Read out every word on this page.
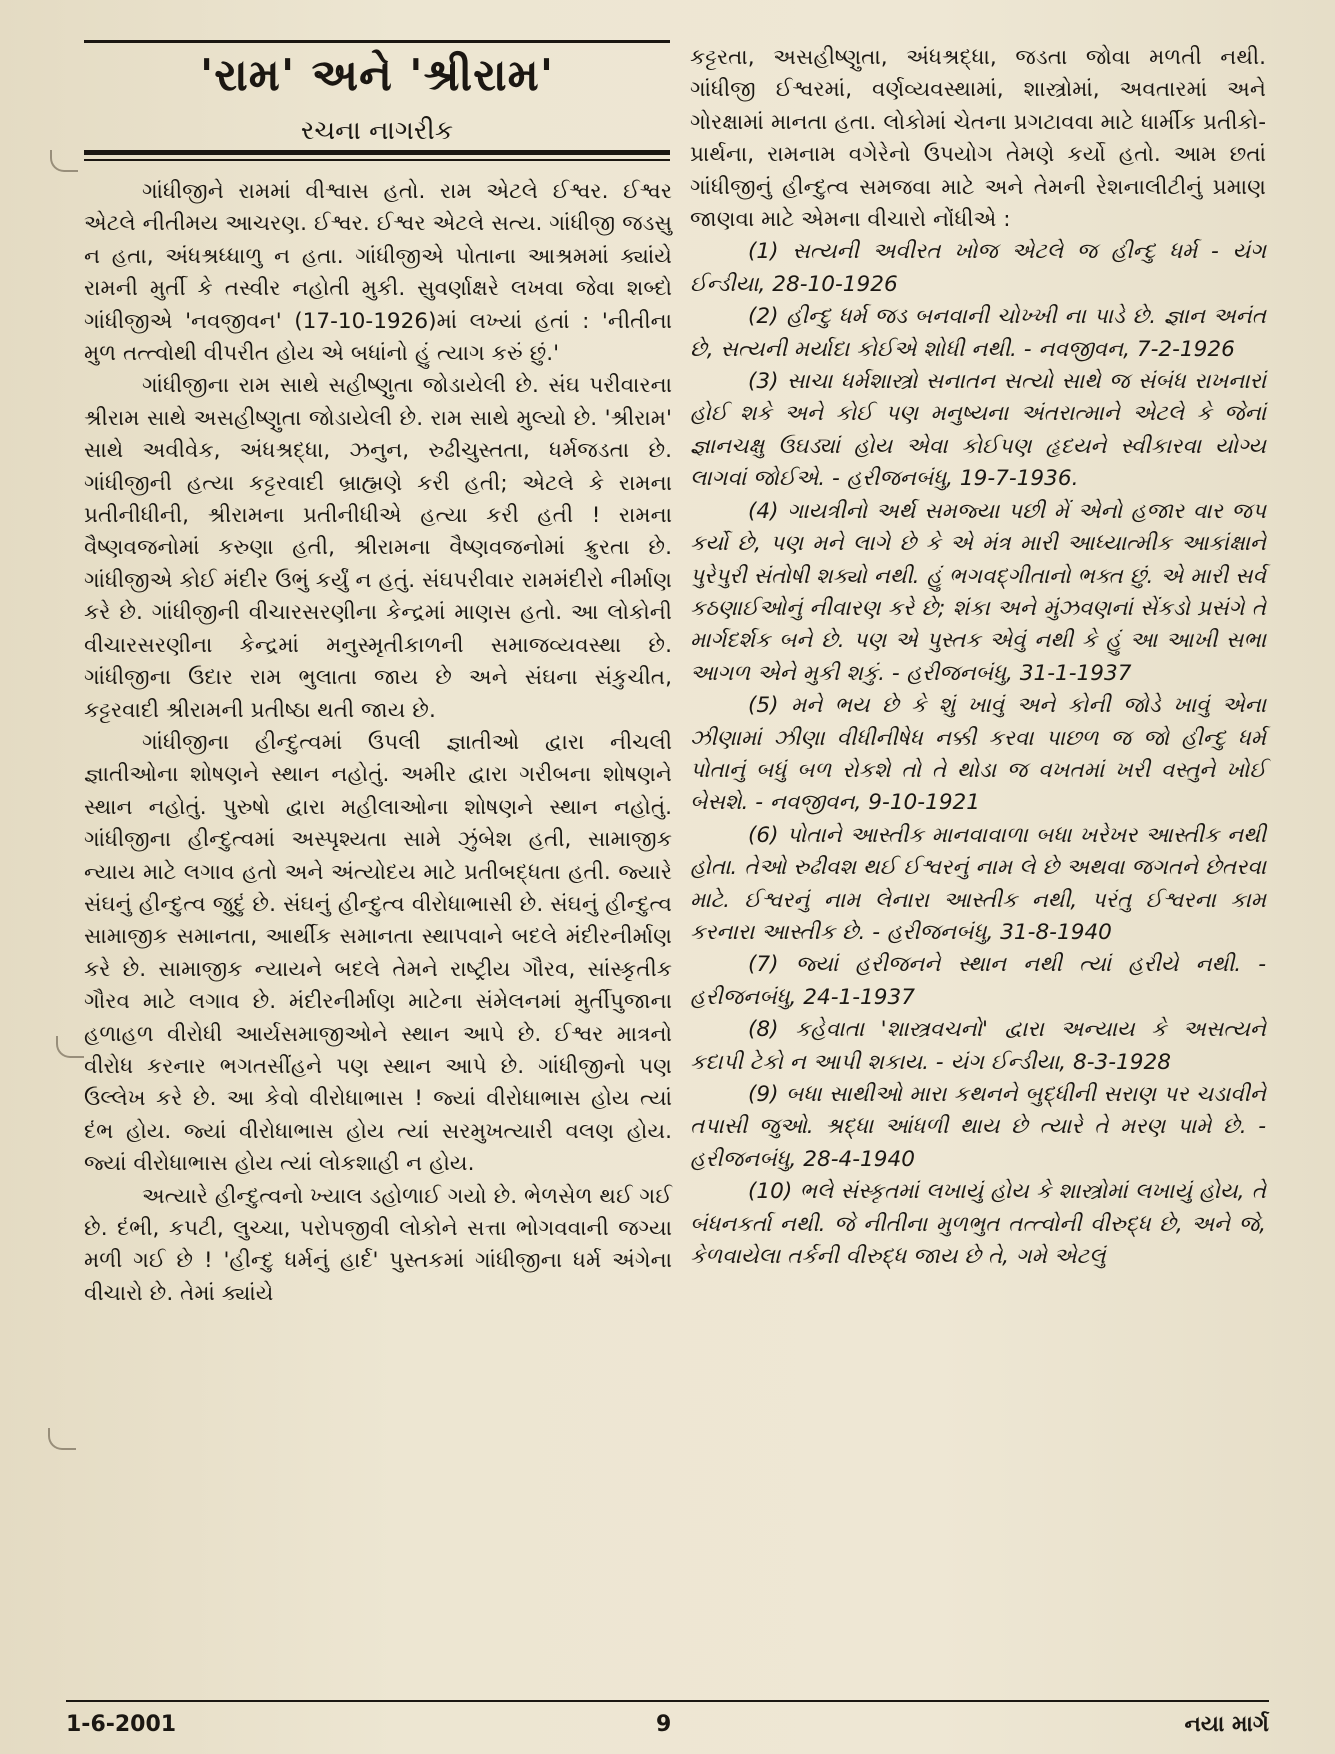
'રામ' અને 'શ્રીરામ'
રચના નાગરીક

ગાંધીજીને રામમાં વીશ્વાસ હતો. રામ એટલે ઈશ્વર. ઈશ્વર એટલે નીતીમય આચરણ. ઈશ્વર. ઈશ્વર એટલે સત્ય. ગાંધીજી જડસુ ન હતા, અંધશ્રધ્ધાળુ ન હતા. ગાંધીજીએ પોતાના આશ્રમમાં ક્યાંયે રામની મુર્તી કે તસ્વીર નહોતી મુકી. સુવર્ણાક્ષરે લખવા જેવા શબ્દો ગાંધીજીએ 'નવજીવન' (17-10-1926)માં લખ્યાં હતાં : 'નીતીના મુળ તત્ત્વોથી વીપરીત હોય એ બધાંનો હું ત્યાગ કરું છું.'

ગાંધીજીના રામ સાથે સહીષ્ણુતા જોડાયેલી છે. સંઘ પરીવારના શ્રીરામ સાથે અસહીષ્ણુતા જોડાયેલી છે. રામ સાથે મુલ્યો છે. 'શ્રીરામ' સાથે અવીવેક, અંધશ્રદ્ધા, ઝનુન, રુઢીચુસ્તતા, ધર્મજડતા છે. ગાંધીજીની હત્યા કટ્ટરવાદી બ્રાહ્મણે કરી હતી; એટલે કે રામના પ્રતીનીધીની, શ્રીરામના પ્રતીનીધીએ હત્યા કરી હતી ! રામના વૈષ્ણવજનોમાં કરુણા હતી, શ્રીરામના વૈષ્ણવજનોમાં ક્રુરતા છે. ગાંધીજીએ કોઈ મંદીર ઉભું કર્યું ન હતું. સંઘપરીવાર રામમંદીરો નીર્માણ કરે છે. ગાંધીજીની વીચારસરણીના કેન્દ્રમાં માણસ હતો. આ લોકોની વીચારસરણીના કેન્દ્રમાં મનુસ્મૃતીકાળની સમાજવ્યવસ્થા છે. ગાંધીજીના ઉદાર રામ ભુલાતા જાય છે અને સંઘના સંકુચીત, કટ્ટરવાદી શ્રીરામની પ્રતીષ્ઠા થતી જાય છે.

ગાંધીજીના હીન્દુત્વમાં ઉપલી જ્ઞાતીઓ દ્વારા નીચલી જ્ઞાતીઓના શોષણને સ્થાન નહોતું. અમીર દ્વારા ગરીબના શોષણને સ્થાન નહોતું. પુરુષો દ્વારા મહીલાઓના શોષણને સ્થાન નહોતું. ગાંધીજીના હીન્દુત્વમાં અસ્પૃશ્યતા સામે ઝુંબેશ હતી, સામાજીક ન્યાય માટે લગાવ હતો અને અંત્યોદય માટે પ્રતીબદ્ધતા હતી. જ્યારે સંઘનું હીન્દુત્વ જુદું છે. સંઘનું હીન્દુત્વ વીરોધાભાસી છે. સંઘનું હીન્દુત્વ સામાજીક સમાનતા, આર્થીક સમાનતા સ્થાપવાને બદલે મંદીરનીર્માણ કરે છે. સામાજીક ન્યાયને બદલે તેમને રાષ્ટ્રીય ગૌરવ, સાંસ્કૃતીક ગૌરવ માટે લગાવ છે. મંદીરનીર્માણ માટેના સંમેલનમાં મુર્તીપુજાના હળાહળ વીરોધી આર્યસમાજીઓને સ્થાન આપે છે. ઈશ્વર માત્રનો વીરોધ કરનાર ભગતસીંહને પણ સ્થાન આપે છે. ગાંધીજીનો પણ ઉલ્લેખ કરે છે. આ કેવો વીરોધાભાસ ! જ્યાં વીરોધાભાસ હોય ત્યાં દંભ હોય. જ્યાં વીરોધાભાસ હોય ત્યાં સરમુખત્યારી વલણ હોય. જ્યાં વીરોધાભાસ હોય ત્યાં લોકશાહી ન હોય.

અત્યારે હીન્દુત્વનો ખ્યાલ ડહોળાઈ ગયો છે. ભેળસેળ થઈ ગઈ છે. દંભી, કપટી, લુચ્ચા, પરોપજીવી લોકોને સત્તા ભોગવવાની જગ્યા મળી ગઈ છે ! 'હીન્દુ ધર્મનું હાર્દ' પુસ્તકમાં ગાંધીજીના ધર્મ અંગેના વીચારો છે. તેમાં ક્યાંયે

કટ્ટરતા, અસહીષ્ણુતા, અંધશ્રદ્ધા, જડતા જોવા મળતી નથી. ગાંધીજી ઈશ્વરમાં, વર્ણવ્યવસ્થામાં, શાસ્ત્રોમાં, અવતારમાં અને ગોરક્ષામાં માનતા હતા. લોકોમાં ચેતના પ્રગટાવવા માટે ધાર્મીક પ્રતીકો-પ્રાર્થના, રામનામ વગેરેનો ઉપયોગ તેમણે કર્યો હતો. આમ છતાં ગાંધીજીનું હીન્દુત્વ સમજવા માટે અને તેમની રેશનાલીટીનું પ્રમાણ જાણવા માટે એમના વીચારો નોંધીએ :

(1) સત્યની અવીરત ખોજ એટલે જ હીન્દુ ધર્મ - યંગ ઈન્ડીયા, 28-10-1926

(2) હીન્દુ ધર્મ જડ બનવાની ચોખ્ખી ના પાડે છે. જ્ઞાન અનંત છે, સત્યની મર્યાદા કોઈએ શોધી નથી. - નવજીવન, 7-2-1926

(3) સાચા ધર્મશાસ્ત્રો સનાતન સત્યો સાથે જ સંબંધ રાખનારાં હોઈ શકે અને કોઈ પણ મનુષ્યના અંતરાત્માને એટલે કે જેનાં જ્ઞાનચક્ષુ ઉઘડ્યાં હોય એવા કોઈપણ હૃદયને સ્વીકારવા યોગ્ય લાગવાં જોઈએ. - હરીજનબંધુ, 19-7-1936.

(4) ગાયત્રીનો અર્થ સમજ્યા પછી મેં એનો હજાર વાર જપ કર્યો છે, પણ મને લાગે છે કે એ મંત્ર મારી આધ્યાત્મીક આકાંક્ષાને પુરેપુરી સંતોષી શક્યો નથી. હું ભગવદ્ગીતાનો ભક્ત છું. એ મારી સર્વ કઠણાઈઓનું નીવારણ કરે છે; શંકા અને મુંઝવણનાં સેંકડો પ્રસંગે તે માર્ગદર્શક બને છે. પણ એ પુસ્તક એવું નથી કે હું આ આખી સભા આગળ એને મુકી શકું. - હરીજનબંધુ, 31-1-1937

(5) મને ભય છે કે શું ખાવું અને કોની જોડે ખાવું એના ઝીણામાં ઝીણા વીધીનીષેધ નક્કી કરવા પાછળ જ જો હીન્દુ ધર્મ પોતાનું બધું બળ રોકશે તો તે થોડા જ વખતમાં ખરી વસ્તુને ખોઈ બેસશે. - નવજીવન, 9-10-1921

(6) પોતાને આસ્તીક માનવાવાળા બધા ખરેખર આસ્તીક નથી હોતા. તેઓ રુઢીવશ થઈ ઈશ્વરનું નામ લે છે અથવા જગતને છેતરવા માટે. ઈશ્વરનું નામ લેનારા આસ્તીક નથી, પરંતુ ઈશ્વરના કામ કરનારા આસ્તીક છે. - હરીજનબંધુ, 31-8-1940

(7) જ્યાં હરીજનને સ્થાન નથી ત્યાં હરીયે નથી. - હરીજનબંધુ, 24-1-1937

(8) કહેવાતા 'શાસ્ત્રવચનો' દ્વારા અન્યાય કે અસત્યને કદાપી ટેકો ન આપી શકાય. - યંગ ઈન્ડીયા, 8-3-1928

(9) બધા સાથીઓ મારા કથનને બુદ્ધીની સરાણ પર ચડાવીને તપાસી જુઓ. શ્રદ્ધા આંધળી થાય છે ત્યારે તે મરણ પામે છે. - હરીજનબંધુ, 28-4-1940

(10) ભલે સંસ્કૃતમાં લખાયું હોય કે શાસ્ત્રોમાં લખાયું હોય, તે બંધનકર્તા નથી. જે નીતીના મુળભુત તત્ત્વોની વીરુદ્ધ છે, અને જે, કેળવાયેલા તર્કની વીરુદ્ધ જાય છે તે, ગમે એટલું

1-6-2001	9	નયા માર્ગ
